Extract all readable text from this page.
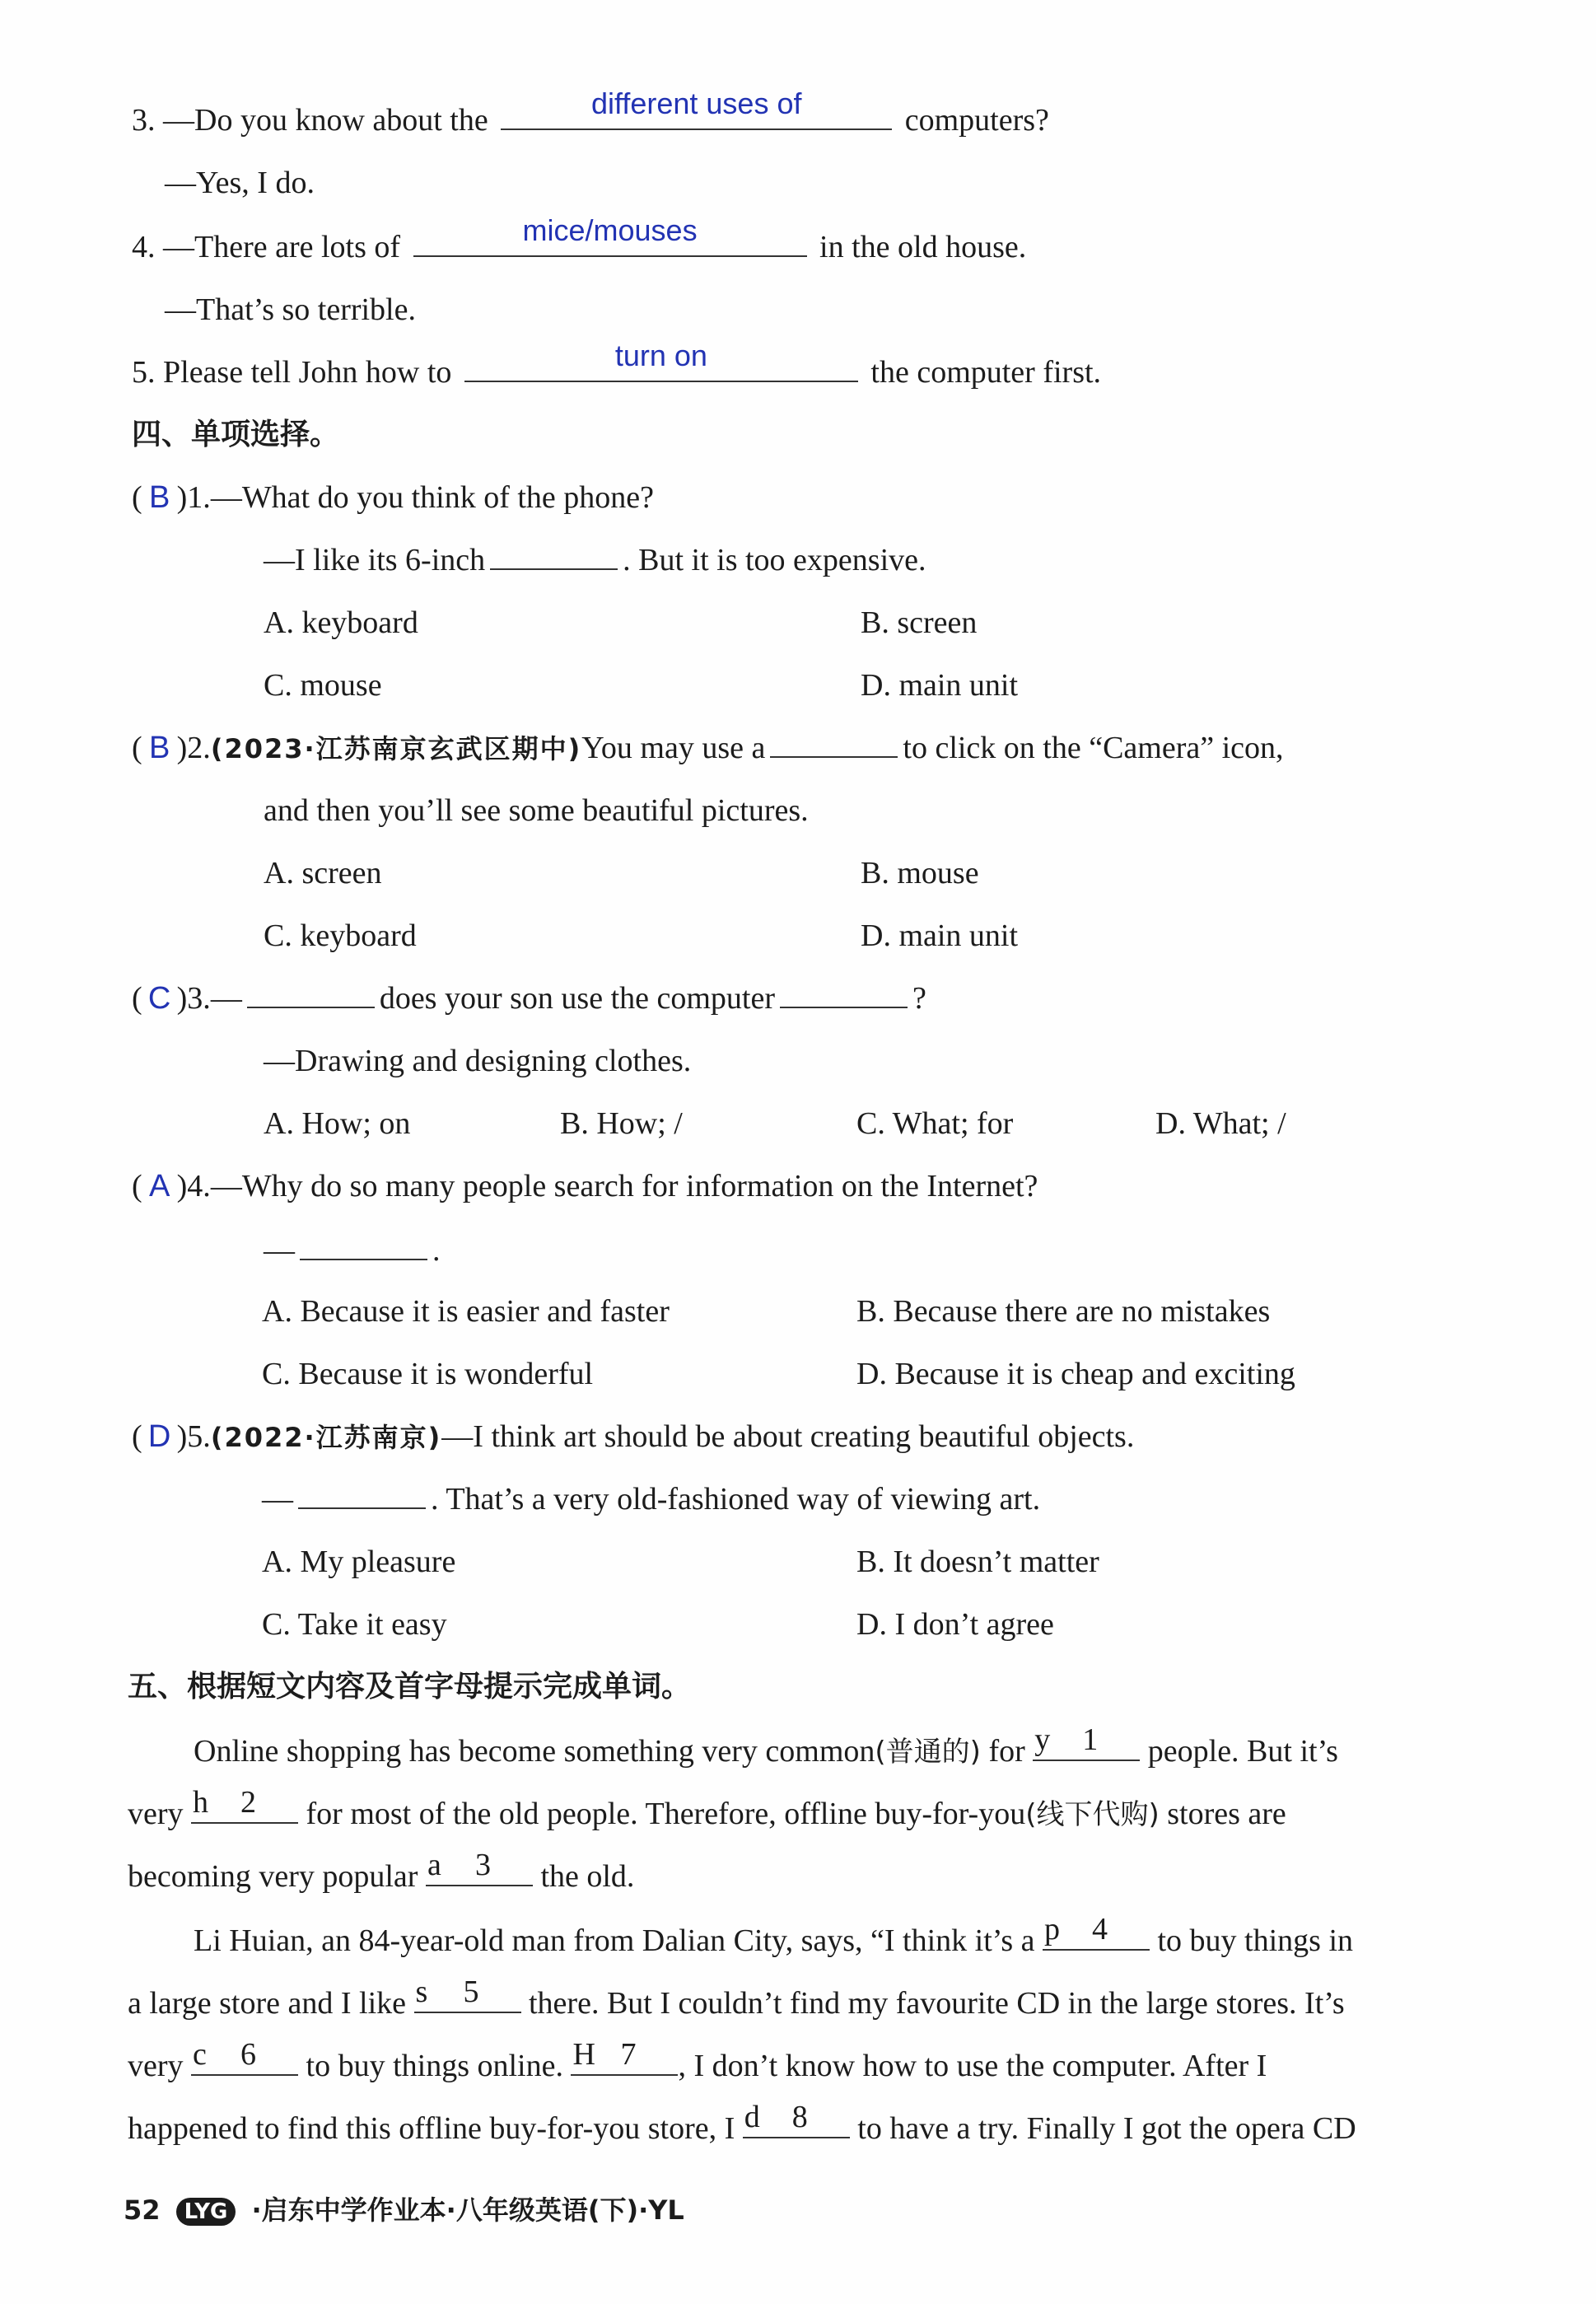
3. —Do you know about the	different uses of	computers?
—Yes, I do.
4. —There are lots of	mice/mouses	in the old house.
—That’s so terrible.
5. Please tell John how to	turn on	the computer first.
四、单项选择。
( B )1.—What do you think of the phone?
—I like its 6-inch	. But it is too expensive.
A. keyboard	B. screen
C. mouse	D. main unit
( B )2.(2023·江苏南京玄武区期中)You may use a	to click on the “Camera” icon,
and then you’ll see some beautiful pictures.
A. screen	B. mouse
C. keyboard	D. main unit
( C )3.—	does your son use the computer	?
—Drawing and designing clothes.
A. How; on	B. How; /	C. What; for	D. What; /
( A )4.—Why do so many people search for information on the Internet?
—	.
A. Because it is easier and faster	B. Because there are no mistakes
C. Because it is wonderful	D. Because it is cheap and exciting
( D )5.(2022·江苏南京)—I think art should be about creating beautiful objects.
—	. That’s a very old-fashioned way of viewing art.
A. My pleasure	B. It doesn’t matter
C. Take it easy	D. I don’t agree
五、根据短文内容及首字母提示完成单词。
Online shopping has become something very common(普通的) for y 1 people. But it’s
very h 2 for most of the old people. Therefore, offline buy-for-you(线下代购) stores are
becoming very popular a 3 the old.
Li Huian, an 84-year-old man from Dalian City, says, “I think it’s a p 4 to buy things in
a large store and I like s 5 there. But I couldn’t find my favourite CD in the large stores. It’s
very c 6 to buy things online. H 7 , I don’t know how to use the computer. After I
happened to find this offline buy-for-you store, I d 8 to have a try. Finally I got the opera CD
52 LYG ·启东中学作业本·八年级英语(下)·YL
